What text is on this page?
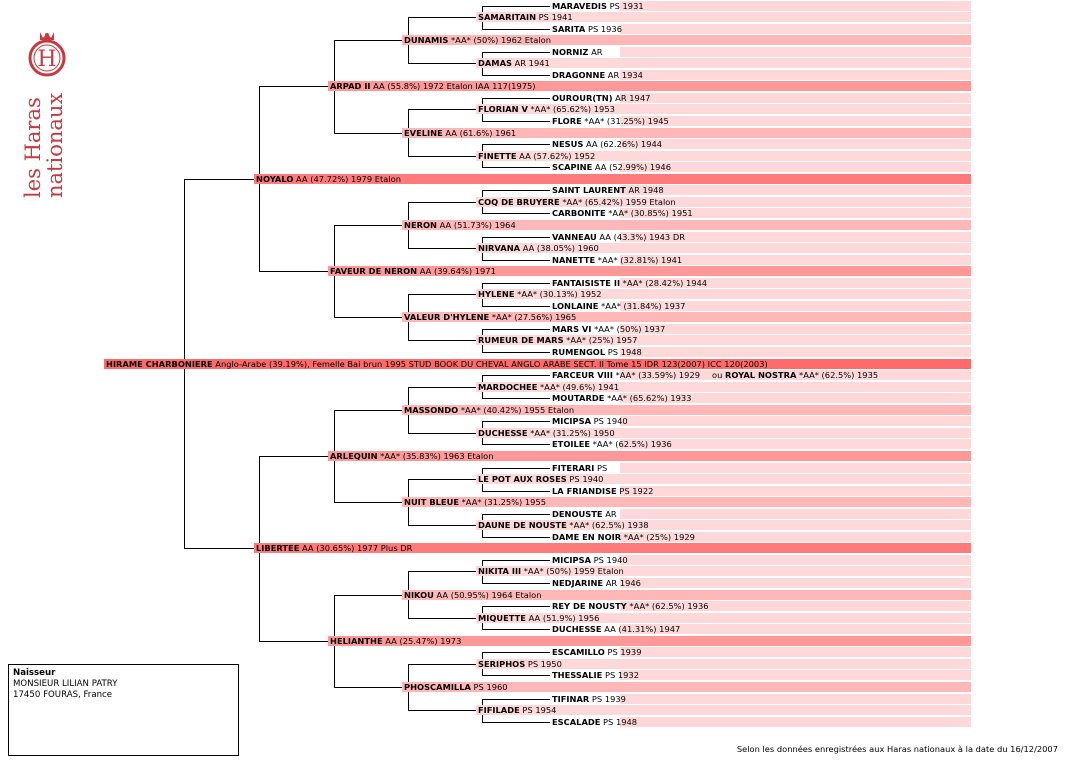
H
les Haras
nationaux
HIRAME CHARBONIERE Anglo-Arabe (39.19%), Femelle Bai brun 1995 STUD BOOK DU CHEVAL ANGLO ARABE SECT. II Tome 15 IDR 123(2007) ICC 120(2003)
NOYALO AA (47.72%) 1979 Etalon
ARPAD II AA (55.8%) 1972 Etalon IAA 117(1975)
DUNAMIS *AA* (50%) 1962 Etalon
SAMARITAIN PS 1941
MARAVEDIS PS 1931
SARITA PS 1936
DAMAS AR 1941
NORNIZ AR
DRAGONNE AR 1934
EVELINE AA (61.6%) 1961
FLORIAN V *AA* (65.62%) 1953
OUROUR(TN) AR 1947
FLORE *AA* (31.25%) 1945
FINETTE AA (57.62%) 1952
NESUS AA (62.26%) 1944
SCAPINE AA (52.99%) 1946
FAVEUR DE NERON AA (39.64%) 1971
NERON AA (51.73%) 1964
COQ DE BRUYERE *AA* (65.42%) 1959 Etalon
SAINT LAURENT AR 1948
CARBONITE *AA* (30.85%) 1951
NIRVANA AA (38.05%) 1960
VANNEAU AA (43.3%) 1943 DR
NANETTE *AA* (32.81%) 1941
VALEUR D'HYLENE *AA* (27.56%) 1965
HYLENE *AA* (30.13%) 1952
FANTAISISTE II *AA* (28.42%) 1944
LONLAINE *AA* (31.84%) 1937
RUMEUR DE MARS *AA* (25%) 1957
MARS VI *AA* (50%) 1937
RUMENGOL PS 1948
LIBERTEE AA (30.65%) 1977 Plus DR
ARLEQUIN *AA* (35.83%) 1963 Etalon
MASSONDO *AA* (40.42%) 1955 Etalon
MARDOCHEE *AA* (49.6%) 1941
FARCEUR VIII *AA* (33.59%) 1929 ou ROYAL NOSTRA *AA* (62.5%) 1935
MOUTARDE *AA* (65.62%) 1933
DUCHESSE *AA* (31.25%) 1950
MICIPSA PS 1940
ETOILEE *AA* (62.5%) 1936
NUIT BLEUE *AA* (31.25%) 1955
LE POT AUX ROSES PS 1940
FITERARI PS
LA FRIANDISE PS 1922
DAUNE DE NOUSTE *AA* (62.5%) 1938
DENOUSTE AR
DAME EN NOIR *AA* (25%) 1929
HELIANTHE AA (25.47%) 1973
NIKOU AA (50.95%) 1964 Etalon
NIKITA III *AA* (50%) 1959 Etalon
MICIPSA PS 1940
NEDJARINE AR 1946
MIQUETTE AA (51.9%) 1956
REY DE NOUSTY *AA* (62.5%) 1936
DUCHESSE AA (41.31%) 1947
PHOSCAMILLA PS 1960
SERIPHOS PS 1950
ESCAMILLO PS 1939
THESSALIE PS 1932
FIFILADE PS 1954
TIFINAR PS 1939
ESCALADE PS 1948
Naisseur
MONSIEUR LILIAN PATRY
17450 FOURAS, France
Selon les données enregistrées aux Haras nationaux à la date du 16/12/2007
